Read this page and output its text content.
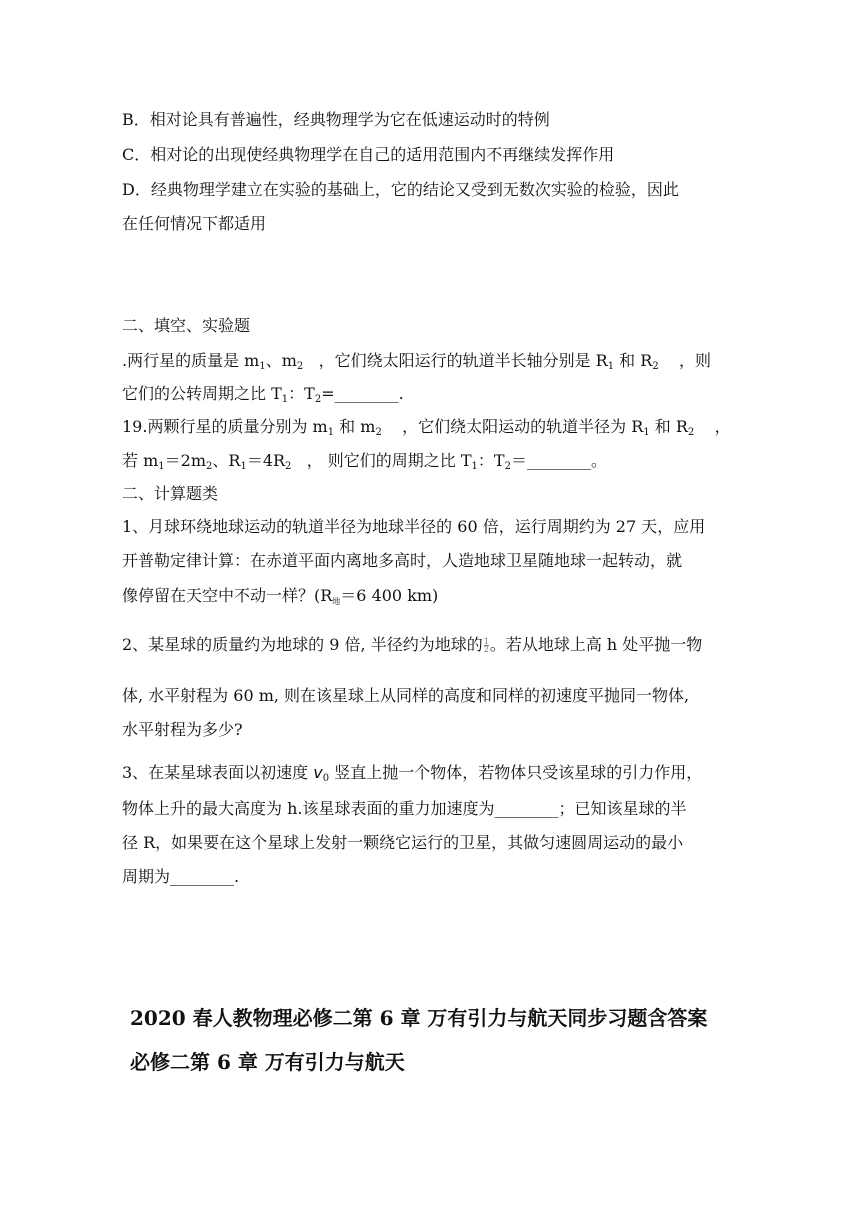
B．相对论具有普遍性，经典物理学为它在低速运动时的特例
C．相对论的出现使经典物理学在自己的适用范围内不再继续发挥作用
D．经典物理学建立在实验的基础上，它的结论又受到无数次实验的检验，因此
在任何情况下都适用
二、填空、实验题
.两行星的质量是 $m_1$、$m_2$ ，它们绕太阳运行的轨道半长轴分别是 $R_1$ 和 $R_2$ ，则
它们的公转周期之比 $T_1$：$T_2=\_\_\_\_\_\_\_\_$.
19.两颗行星的质量分别为 $m_1$ 和 $m_2$ ，它们绕太阳运动的轨道半径为 $R_1$ 和 $R_2$ ，
若 $m_1=2m_2$、$R_1=4R_2$ ， 则它们的周期之比 $T_1$：$T_2=\_\_\_\_\_\_\_\_$。
二、计算题类
1、月球环绕地球运动的轨道半径为地球半径的 60 倍，运行周期约为 27 天，应用
开普勒定律计算：在赤道平面内离地多高时，人造地球卫星随地球一起转动，就
像停留在天空中不动一样？($R_地=6$ 400 km)
2、某星球的质量约为地球的 9 倍, 半径约为地球的 $\frac{1}{2}$ 。若从地球上高 h 处平抛一物
体, 水平射程为 60 m, 则在该星球上从同样的高度和同样的初速度平抛同一物体,
水平射程为多少?
3、在某星球表面以初速度 $v_0$ 竖直上抛一个物体，若物体只受该星球的引力作用，
物体上升的最大高度为 h.该星球表面的重力加速度为________；已知该星球的半
径 R，如果要在这个星球上发射一颗绕它运行的卫星，其做匀速圆周运动的最小
周期为________.
2020 春人教物理必修二第 6 章 万有引力与航天同步习题含答案
必修二第 6 章 万有引力与航天
